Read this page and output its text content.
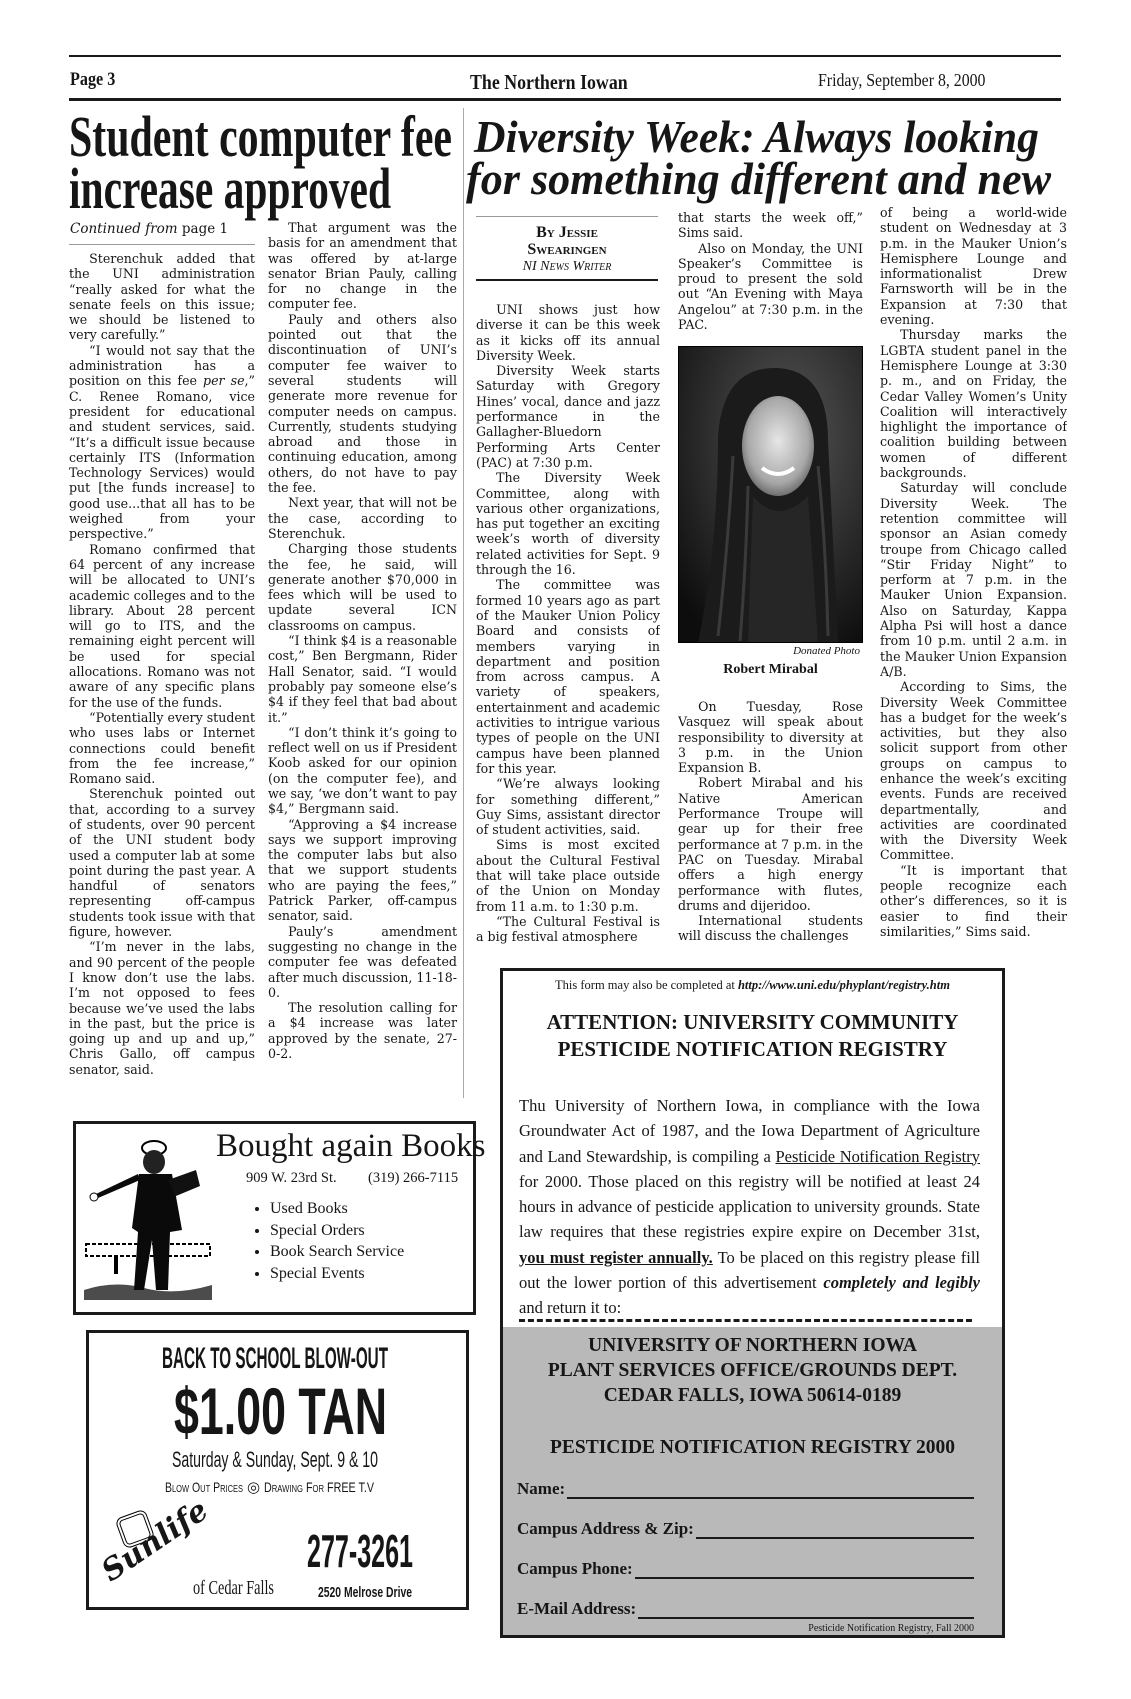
Page 3	The Northern Iowan	Friday, September 8, 2000
Student computer fee
increase approved
Continued from page 1

Sterenchuk added that the UNI administration “really asked for what the senate feels on this issue; we should be listened to very carefully.”

“I would not say that the administration has a position on this fee per se,” C. Renee Romano, vice president for educational and student services, said. “It’s a difficult issue because certainly ITS (Information Technology Services) would put [the funds increase] to good use...that all has to be weighed from your perspective.”

Romano confirmed that 64 percent of any increase will be allocated to UNI’s academic colleges and to the library. About 28 percent will go to ITS, and the remaining eight percent will be used for special allocations. Romano was not aware of any specific plans for the use of the funds.

“Potentially every student who uses labs or Internet connections could benefit from the fee increase,” Romano said.

Sterenchuk pointed out that, according to a survey of students, over 90 percent of the UNI student body used a computer lab at some point during the past year. A handful of senators representing off-campus students took issue with that figure, however.

“I’m never in the labs, and 90 percent of the people I know don’t use the labs. I’m not opposed to fees because we’ve used the labs in the past, but the price is going up and up and up,” Chris Gallo, off campus senator, said.

That argument was the basis for an amendment that was offered by at-large senator Brian Pauly, calling for no change in the computer fee.

Pauly and others also pointed out that the discontinuation of UNI’s computer fee waiver to several students will generate more revenue for computer needs on campus. Currently, students studying abroad and those in continuing education, among others, do not have to pay the fee.

Next year, that will not be the case, according to Sterenchuk.

Charging those students the fee, he said, will generate another $70,000 in fees which will be used to update several ICN classrooms on campus.

“I think $4 is a reasonable cost,” Ben Bergmann, Rider Hall Senator, said. “I would probably pay someone else’s $4 if they feel that bad about it.”

“I don’t think it’s going to reflect well on us if President Koob asked for our opinion (on the computer fee), and we say, ‘we don’t want to pay $4,” Bergmann said.

“Approving a $4 increase says we support improving the computer labs but also that we support students who are paying the fees,” Patrick Parker, off-campus senator, said.

Pauly’s amendment suggesting no change in the computer fee was defeated after much discussion, 11-18-0.

The resolution calling for a $4 increase was later approved by the senate, 27-0-2.

Diversity Week: Always looking
for something different and new
By Jessie
Swearingen
NI News Writer

UNI shows just how diverse it can be this week as it kicks off its annual Diversity Week.

Diversity Week starts Saturday with Gregory Hines’ vocal, dance and jazz performance in the Gallagher-Bluedorn Performing Arts Center (PAC) at 7:30 p.m.

The Diversity Week Committee, along with various other organizations, has put together an exciting week’s worth of diversity related activities for Sept. 9 through the 16.

The committee was formed 10 years ago as part of the Mauker Union Policy Board and consists of members varying in department and position from across campus. A variety of speakers, entertainment and academic activities to intrigue various types of people on the UNI campus have been planned for this year.

“We’re always looking for something different,” Guy Sims, assistant director of student activities, said.

Sims is most excited about the Cultural Festival that will take place outside of the Union on Monday from 11 a.m. to 1:30 p.m.

“The Cultural Festival is a big festival atmosphere

that starts the week off,” Sims said.

Also on Monday, the UNI Speaker’s Committee is proud to present the sold out “An Evening with Maya Angelou” at 7:30 p.m. in the PAC.

Donated Photo
Robert Mirabal

On Tuesday, Rose Vasquez will speak about responsibility to diversity at 3 p.m. in the Union Expansion B.

Robert Mirabal and his Native American Performance Troupe will gear up for their free performance at 7 p.m. in the PAC on Tuesday. Mirabal offers a high energy performance with flutes, drums and dijeridoo.

International students will discuss the challenges

of being a world-wide student on Wednesday at 3 p.m. in the Mauker Union’s Hemisphere Lounge and informationalist Drew Farnsworth will be in the Expansion at 7:30 that evening.

Thursday marks the LGBTA student panel in the Hemisphere Lounge at 3:30 p. m., and on Friday, the Cedar Valley Women’s Unity Coalition will interactively highlight the importance of coalition building between women of different backgrounds.

Saturday will conclude Diversity Week. The retention committee will sponsor an Asian comedy troupe from Chicago called “Stir Friday Night” to perform at 7 p.m. in the Mauker Union Expansion. Also on Saturday, Kappa Alpha Psi will host a dance from 10 p.m. until 2 a.m. in the Mauker Union Expansion A/B.

According to Sims, the Diversity Week Committee has a budget for the week’s activities, but they also solicit support from other groups on campus to enhance the week’s exciting events. Funds are received departmentally, and activities are coordinated with the Diversity Week Committee.

“It is important that people recognize each other’s differences, so it is easier to find their similarities,” Sims said.

Bought again Books
909 W. 23rd St. (319) 266-7115
• Used Books
• Special Orders
• Book Search Service
• Special Events
BACK TO SCHOOL BLOW-OUT
$1.00 TAN
Saturday & Sunday, Sept. 9 & 10
Blow Out Prices ◎ Drawing For FREE T.V
Sunlife
of Cedar Falls
277-3261
2520 Melrose Drive
This form may also be completed at http://www.uni.edu/phyplant/registry.htm
ATTENTION: UNIVERSITY COMMUNITY
PESTICIDE NOTIFICATION REGISTRY
Thu University of Northern Iowa, in compliance with the Iowa Groundwater Act of 1987, and the Iowa Department of Agriculture and Land Stewardship, is compiling a Pesticide Notification Registry for 2000. Those placed on this registry will be notified at least 24 hours in advance of pesticide application to university grounds. State law requires that these registries expire expire on December 31st, you must register annually. To be placed on this registry please fill out the lower portion of this advertisement completely and legibly and return it to:
UNIVERSITY OF NORTHERN IOWA
PLANT SERVICES OFFICE/GROUNDS DEPT.
CEDAR FALLS, IOWA 50614-0189
PESTICIDE NOTIFICATION REGISTRY 2000
Name:
Campus Address & Zip:
Campus Phone:
E-Mail Address:
Pesticide Notification Registry, Fall 2000
